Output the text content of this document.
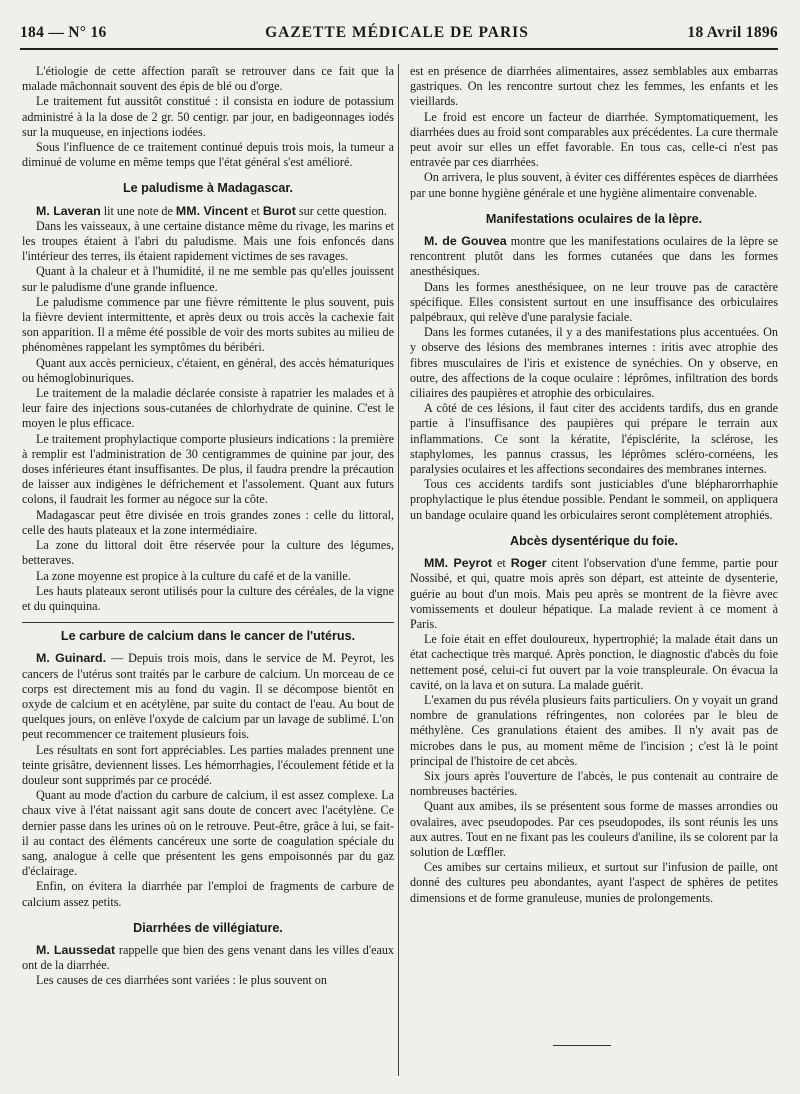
184 — N° 16	GAZETTE MÉDICALE DE PARIS	18 Avril 1896

L'étiologie de cette affection paraît se retrouver dans ce fait que la malade mâchonnait souvent des épis de blé ou d'orge.

Le traitement fut aussitôt constitué : il consista en iodure de potassium administré à la la dose de 2 gr. 50 centigr. par jour, en badigeonnages iodés sur la muqueuse, en injections iodées.

Sous l'influence de ce traitement continué depuis trois mois, la tumeur a diminué de volume en même temps que l'état général s'est amélioré.

Le paludisme à Madagascar.

M. Laveran lit une note de MM. Vincent et Burot sur cette question.

Dans les vaisseaux, à une certaine distance même du rivage, les marins et les troupes étaient à l'abri du paludisme. Mais une fois enfoncés dans l'intérieur des terres, ils étaient rapidement victimes de ses ravages.

Quant à la chaleur et à l'humidité, il ne me semble pas qu'elles jouissent sur le paludisme d'une grande influence.

Le paludisme commence par une fièvre rémittente le plus souvent, puis la fièvre devient intermittente, et après deux ou trois accès la cachexie fait son apparition. Il a même été possible de voir des morts subites au milieu de phénomènes rappelant les symptômes du béribéri.

Quant aux accès pernicieux, c'étaient, en général, des accès hématuriques ou hémoglobinuriques.

Le traitement de la maladie déclarée consiste à rapatrier les malades et à leur faire des injections sous-cutanées de chlorhydrate de quinine. C'est le moyen le plus efficace.

Le traitement prophylactique comporte plusieurs indications : la première à remplir est l'administration de 30 centigrammes de quinine par jour, des doses inférieures étant insuffisantes. De plus, il faudra prendre la précaution de laisser aux indigènes le défrichement et l'assolement. Quant aux futurs colons, il faudrait les former au négoce sur la côte.

Madagascar peut être divisée en trois grandes zones : celle du littoral, celle des hauts plateaux et la zone intermédiaire.

La zone du littoral doit être réservée pour la culture des légumes, betteraves.

La zone moyenne est propice à la culture du café et de la vanille.

Les hauts plateaux seront utilisés pour la culture des céréales, de la vigne et du quinquina.

Le carbure de calcium dans le cancer de l'utérus.

M. Guinard. — Depuis trois mois, dans le service de M. Peyrot, les cancers de l'utérus sont traités par le carbure de calcium. Un morceau de ce corps est directement mis au fond du vagin. Il se décompose bientôt en oxyde de calcium et en acétylène, par suite du contact de l'eau. Au bout de quelques jours, on enlève l'oxyde de calcium par un lavage de sublimé. L'on peut recommencer ce traitement plusieurs fois.

Les résultats en sont fort appréciables. Les parties malades prennent une teinte grisâtre, deviennent lisses. Les hémorrhagies, l'écoulement fétide et la douleur sont supprimés par ce procédé.

Quant au mode d'action du carbure de calcium, il est assez complexe. La chaux vive à l'état naissant agit sans doute de concert avec l'acétylène. Ce dernier passe dans les urines où on le retrouve. Peut-être, grâce à lui, se fait-il au contact des éléments cancéreux une sorte de coagulation spéciale du sang, analogue à celle que présentent les gens empoisonnés par du gaz d'éclairage.

Enfin, on évitera la diarrhée par l'emploi de fragments de carbure de calcium assez petits.

Diarrhées de villégiature.

M. Laussedat rappelle que bien des gens venant dans les villes d'eaux ont de la diarrhée.

Les causes de ces diarrhées sont variées : le plus souvent on

est en présence de diarrhées alimentaires, assez semblables aux embarras gastriques. On les rencontre surtout chez les femmes, les enfants et les vieillards.

Le froid est encore un facteur de diarrhée. Symptomatiquement, les diarrhées dues au froid sont comparables aux précédentes. La cure thermale peut avoir sur elles un effet favorable. En tous cas, celle-ci n'est pas entravée par ces diarrhées.

On arrivera, le plus souvent, à éviter ces différentes espèces de diarrhées par une bonne hygiène générale et une hygiène alimentaire convenable.

Manifestations oculaires de la lèpre.

M. de Gouvea montre que les manifestations oculaires de la lèpre se rencontrent plutôt dans les formes cutanées que dans les formes anesthésiques.

Dans les formes anesthésiquee, on ne leur trouve pas de caractère spécifique. Elles consistent surtout en une insuffisance des orbiculaires palpébraux, qui relève d'une paralysie faciale.

Dans les formes cutanées, il y a des manifestations plus accentuées. On y observe des lésions des membranes internes : iritis avec atrophie des fibres musculaires de l'iris et existence de synéchies. On y observe, en outre, des affections de la coque oculaire : léprômes, infiltration des bords ciliaires des paupières et atrophie des orbiculaires.

A côté de ces lésions, il faut citer des accidents tardifs, dus en grande partie à l'insuffisance des paupières qui prépare le terrain aux inflammations. Ce sont la kératite, l'épisclérite, la sclérose, les staphylomes, les pannus crassus, les léprômes scléro-cornéens, les paralysies oculaires et les affections secondaires des membranes internes.

Tous ces accidents tardifs sont justiciables d'une blépharorrhaphie prophylactique le plus étendue possible. Pendant le sommeil, on appliquera un bandage oculaire quand les orbiculaires seront complètement atrophiés.

Abcès dysentérique du foie.

MM. Peyrot et Roger citent l'observation d'une femme, partie pour Nossibé, et qui, quatre mois après son départ, est atteinte de dysenterie, guérie au bout d'un mois. Mais peu après se montrent de la fièvre avec vomissements et douleur hépatique. La malade revient à ce moment à Paris.

Le foie était en effet douloureux, hypertrophié; la malade était dans un état cachectique très marqué. Après ponction, le diagnostic d'abcès du foie nettement posé, celui-ci fut ouvert par la voie transpleurale. On évacua la cavité, on la lava et on sutura. La malade guérit.

L'examen du pus révéla plusieurs faits particuliers. On y voyait un grand nombre de granulations réfringentes, non colorées par le bleu de méthylène. Ces granulations étaient des amibes. Il n'y avait pas de microbes dans le pus, au moment même de l'incision ; c'est là le point principal de l'histoire de cet abcès.

Six jours après l'ouverture de l'abcès, le pus contenait au contraire de nombreuses bactéries.

Quant aux amibes, ils se présentent sous forme de masses arrondies ou ovalaires, avec pseudopodes. Par ces pseudopodes, ils sont réunis les uns aux autres. Tout en ne fixant pas les couleurs d'aniline, ils se colorent par la solution de Lœffler.

Ces amibes sur certains milieux, et surtout sur l'infusion de paille, ont donné des cultures peu abondantes, ayant l'aspect de sphères de petites dimensions et de forme granuleuse, munies de prolongements.
